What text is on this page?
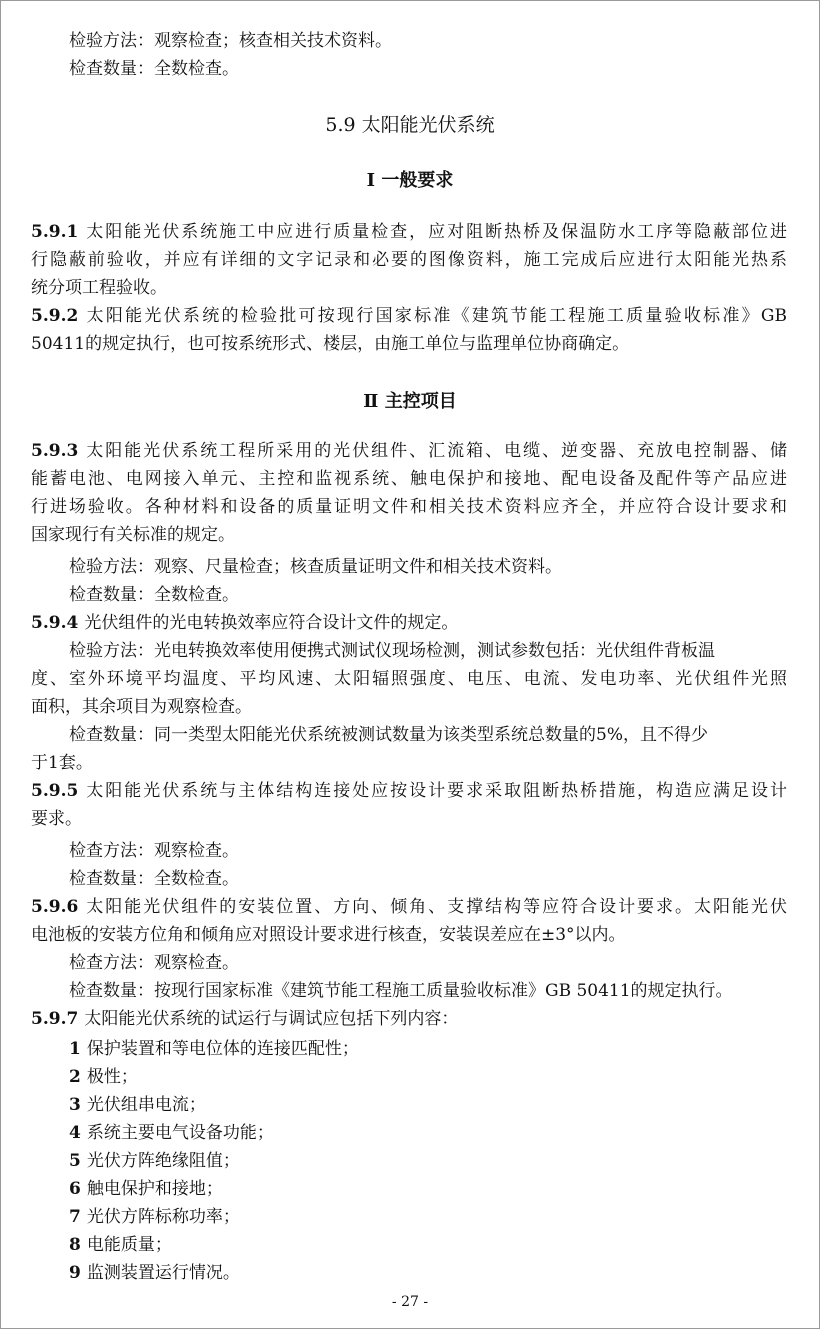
检验方法：观察检查；核查相关技术资料。
检查数量：全数检查。
5.9 太阳能光伏系统
Ⅰ 一般要求
5.9.1 太阳能光伏系统施工中应进行质量检查，应对阻断热桥及保温防水工序等隐蔽部位进
行隐蔽前验收，并应有详细的文字记录和必要的图像资料，施工完成后应进行太阳能光热系
统分项工程验收。
5.9.2 太阳能光伏系统的检验批可按现行国家标准《建筑节能工程施工质量验收标准》GB
50411的规定执行，也可按系统形式、楼层，由施工单位与监理单位协商确定。
Ⅱ 主控项目
5.9.3 太阳能光伏系统工程所采用的光伏组件、汇流箱、电缆、逆变器、充放电控制器、储
能蓄电池、电网接入单元、主控和监视系统、触电保护和接地、配电设备及配件等产品应进
行进场验收。各种材料和设备的质量证明文件和相关技术资料应齐全，并应符合设计要求和
国家现行有关标准的规定。
检验方法：观察、尺量检查；核查质量证明文件和相关技术资料。
检查数量：全数检查。
5.9.4 光伏组件的光电转换效率应符合设计文件的规定。
检验方法：光电转换效率使用便携式测试仪现场检测，测试参数包括：光伏组件背板温
度、室外环境平均温度、平均风速、太阳辐照强度、电压、电流、发电功率、光伏组件光照
面积，其余项目为观察检查。
检查数量：同一类型太阳能光伏系统被测试数量为该类型系统总数量的5%，且不得少
于1套。
5.9.5 太阳能光伏系统与主体结构连接处应按设计要求采取阻断热桥措施，构造应满足设计
要求。
检查方法：观察检查。
检查数量：全数检查。
5.9.6 太阳能光伏组件的安装位置、方向、倾角、支撑结构等应符合设计要求。太阳能光伏
电池板的安装方位角和倾角应对照设计要求进行核查，安装误差应在±3°以内。
检查方法：观察检查。
检查数量：按现行国家标准《建筑节能工程施工质量验收标准》GB 50411的规定执行。
5.9.7 太阳能光伏系统的试运行与调试应包括下列内容：
1 保护装置和等电位体的连接匹配性；
2 极性；
3 光伏组串电流；
4 系统主要电气设备功能；
5 光伏方阵绝缘阻值；
6 触电保护和接地；
7 光伏方阵标称功率；
8 电能质量；
9 监测装置运行情况。
- 27 -
